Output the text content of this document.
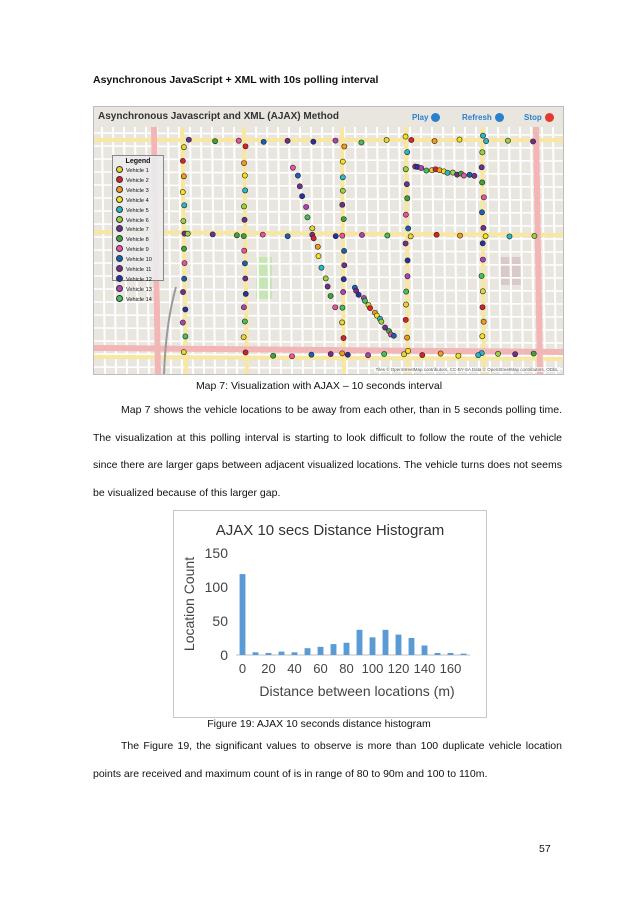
Asynchronous JavaScript + XML with 10s polling interval
Asynchronous Javascript and XML (AJAX) Method	Play	Refresh	Stop
Legend
Vehicle 1
Vehicle 2
Vehicle 3
Vehicle 4
Vehicle 5
Vehicle 6
Vehicle 7
Vehicle 8
Vehicle 9
Vehicle 10
Vehicle 11
Vehicle 12
Vehicle 13
Vehicle 14
Tiles © OpenStreetMap contributors, CC-BY-SA Data © OpenStreetMap contributors, ODbL

Map 7: Visualization with AJAX – 10 seconds interval

Map 7 shows the vehicle locations to be away from each other, than in 5 seconds polling time. The visualization at this polling interval is starting to look difficult to follow the route of the vehicle since there are larger gaps between adjacent visualized locations. The vehicle turns does not seems be visualized because of this larger gap.

AJAX 10 secs Distance Histogram
0
50
100
150
0 20 40 60 80 100 120 140 160
Distance between locations (m)
Location Count

Figure 19: AJAX 10 seconds distance histogram

The Figure 19, the significant values to observe is more than 100 duplicate vehicle location points are received and maximum count of is in range of 80 to 90m and 100 to 110m.

57
